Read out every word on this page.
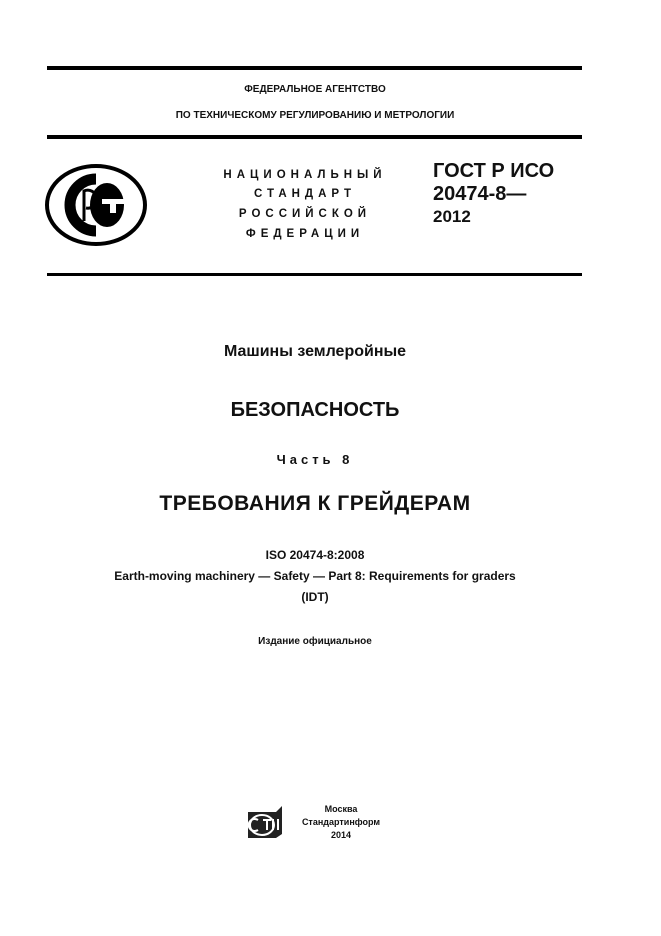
ФЕДЕРАЛЬНОЕ АГЕНТСТВО
ПО ТЕХНИЧЕСКОМУ РЕГУЛИРОВАНИЮ И МЕТРОЛОГИИ
НАЦИОНАЛЬНЫЙ
СТАНДАРТ
РОССИЙСКОЙ
ФЕДЕРАЦИИ
ГОСТ Р ИСО
20474-8—
2012
Машины землеройные
БЕЗОПАСНОСТЬ
Часть 8
ТРЕБОВАНИЯ К ГРЕЙДЕРАМ
ISO 20474-8:2008
Earth-moving machinery — Safety — Part 8: Requirements for graders
(IDT)
Издание официальное
Москва
Стандартинформ
2014
